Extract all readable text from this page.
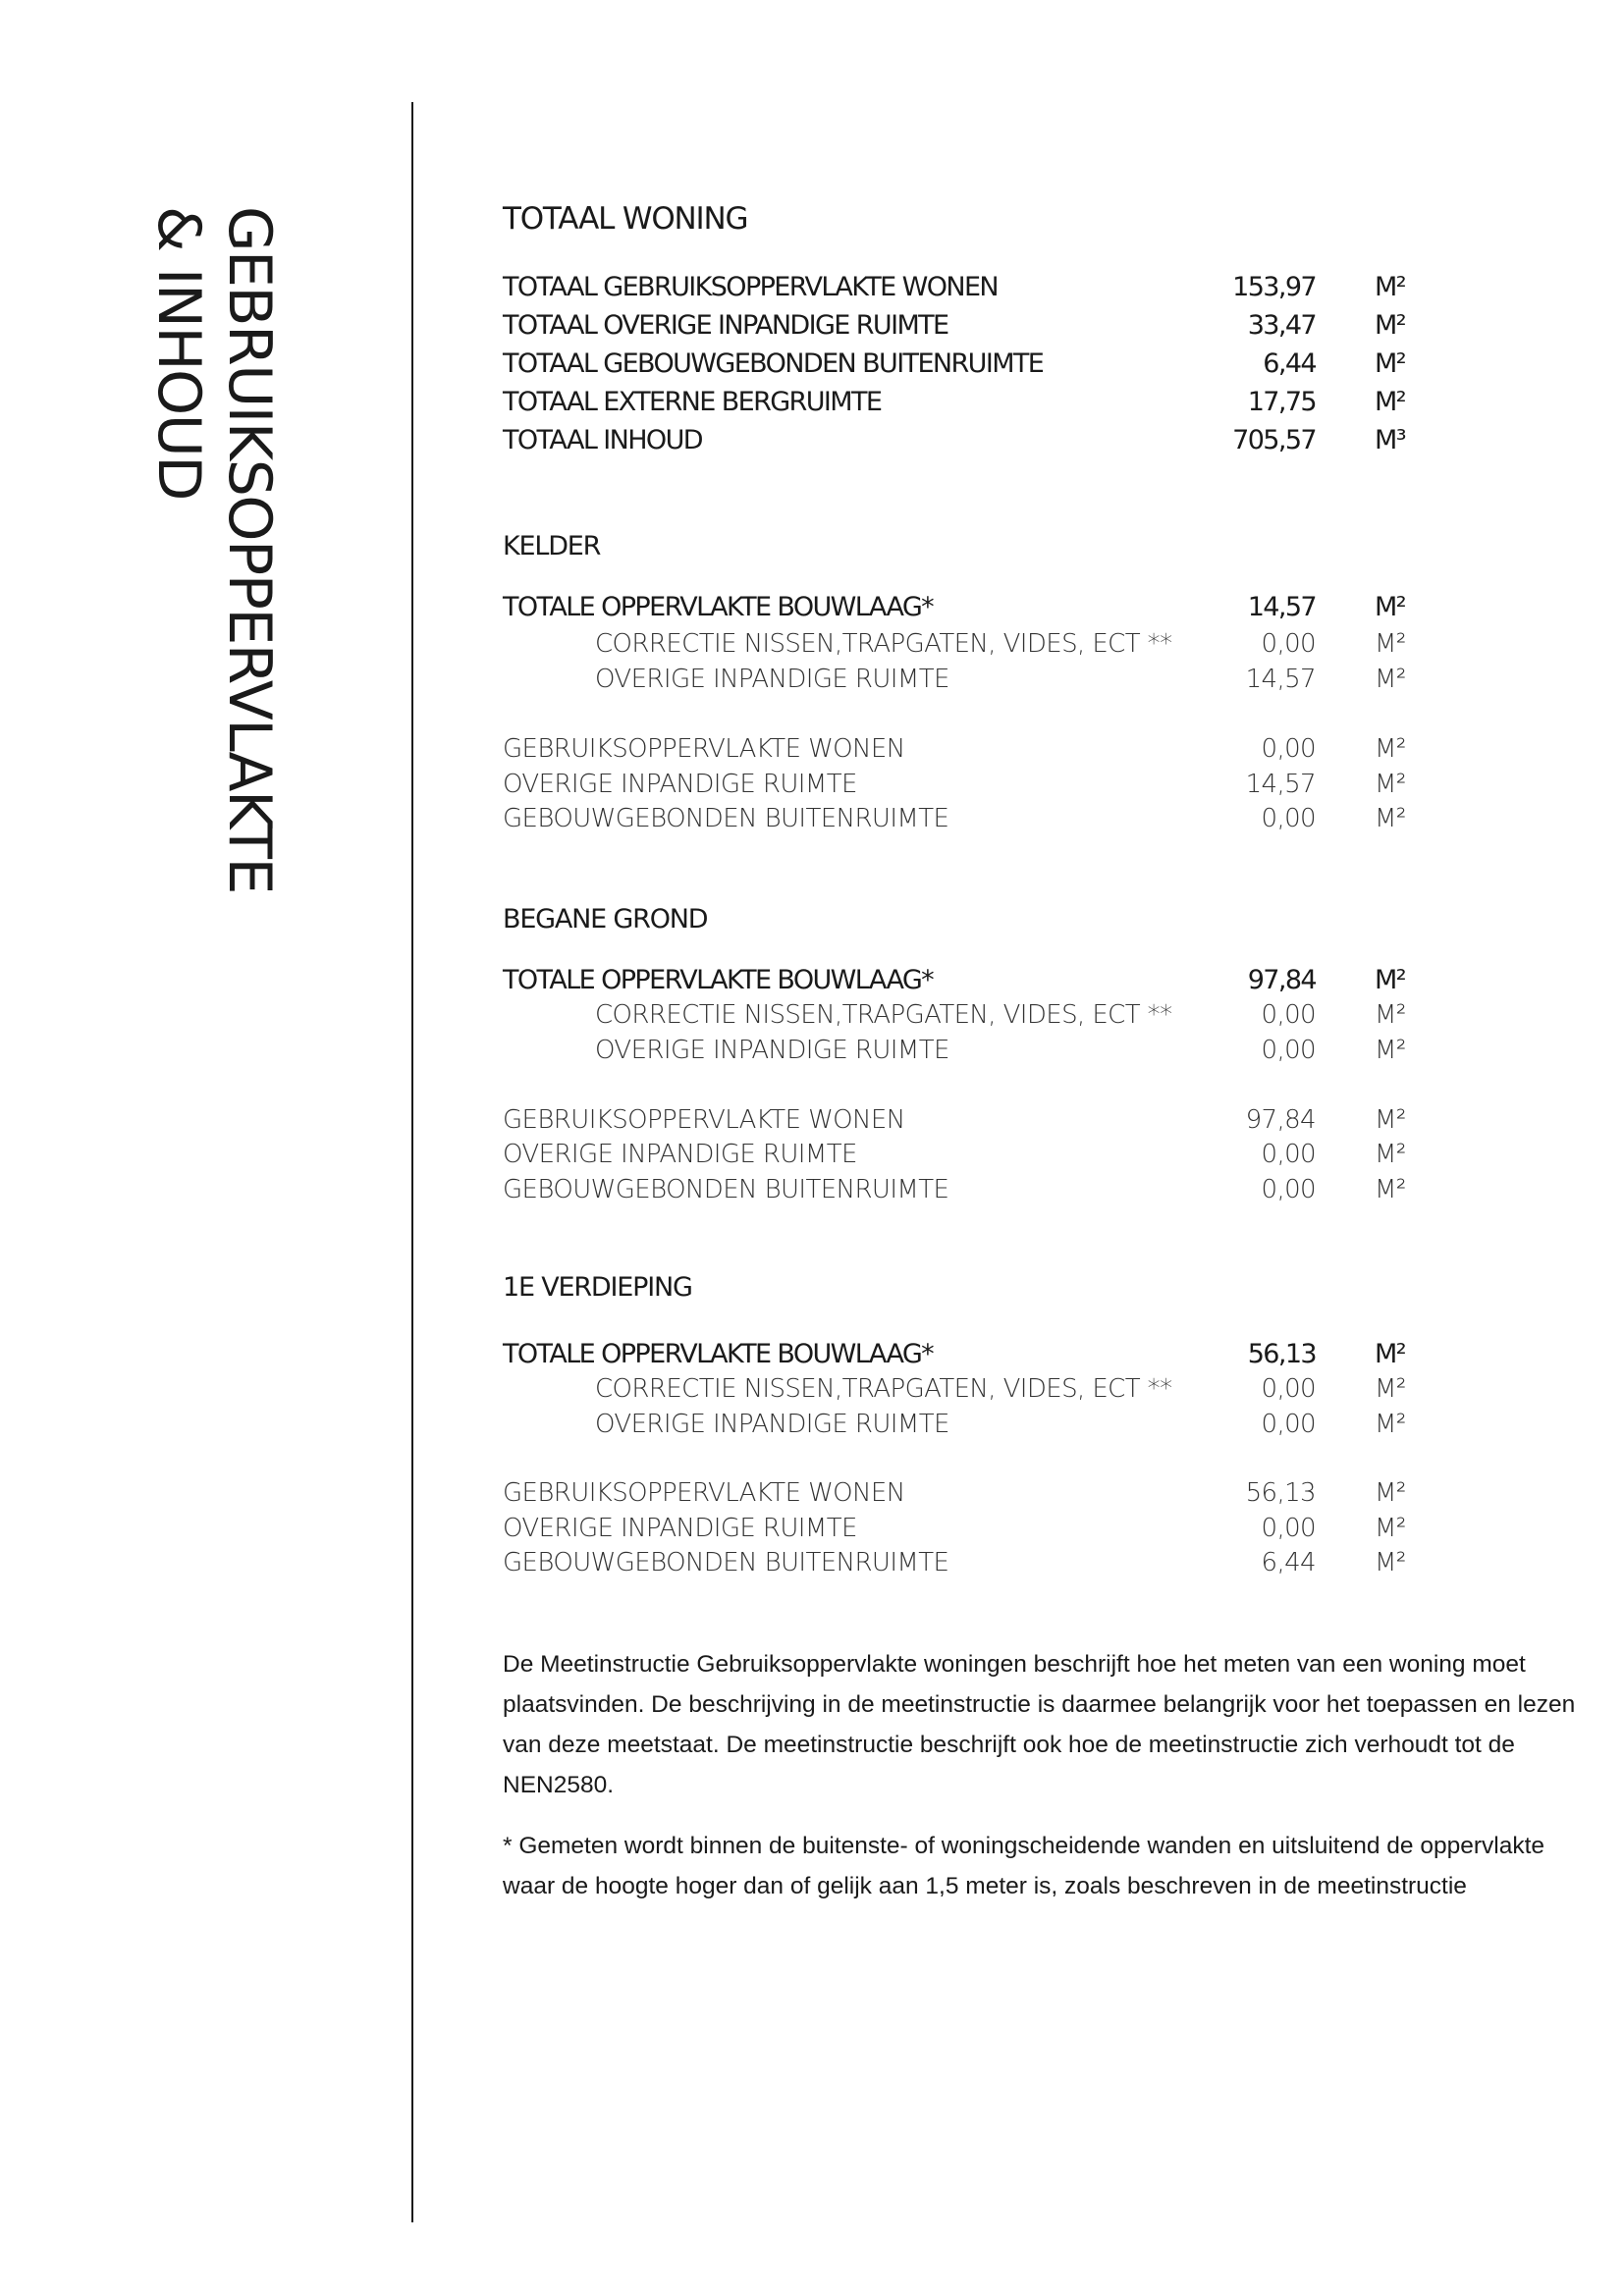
GEBRUIKSOPPERVLAKTE
& INHOUD	TOTAAL WONING
TOTAAL GEBRUIKSOPPERVLAKTE WONEN	153,97 M²
TOTAAL OVERIGE INPANDIGE RUIMTE	33,47 M²
TOTAAL GEBOUWGEBONDEN BUITENRUIMTE	6,44 M²
TOTAAL EXTERNE BERGRUIMTE	17,75 M²
TOTAAL INHOUD	705,57 M³
KELDER
TOTALE OPPERVLAKTE BOUWLAAG*	14,57 M²
CORRECTIE NISSEN,TRAPGATEN, VIDES, ECT **	0,00 M²
OVERIGE INPANDIGE RUIMTE	14,57 M²
GEBRUIKSOPPERVLAKTE WONEN	0,00 M²
OVERIGE INPANDIGE RUIMTE	14,57 M²
GEBOUWGEBONDEN BUITENRUIMTE	0,00 M²
BEGANE GROND
TOTALE OPPERVLAKTE BOUWLAAG*	97,84 M²
CORRECTIE NISSEN,TRAPGATEN, VIDES, ECT **	0,00 M²
OVERIGE INPANDIGE RUIMTE	0,00 M²
GEBRUIKSOPPERVLAKTE WONEN	97,84 M²
OVERIGE INPANDIGE RUIMTE	0,00 M²
GEBOUWGEBONDEN BUITENRUIMTE	0,00 M²
1E VERDIEPING
TOTALE OPPERVLAKTE BOUWLAAG*	56,13 M²
CORRECTIE NISSEN,TRAPGATEN, VIDES, ECT **	0,00 M²
OVERIGE INPANDIGE RUIMTE	0,00 M²
GEBRUIKSOPPERVLAKTE WONEN	56,13 M²
OVERIGE INPANDIGE RUIMTE	0,00 M²
GEBOUWGEBONDEN BUITENRUIMTE	6,44 M²

De Meetinstructie Gebruiksoppervlakte woningen beschrijft hoe het meten van een woning moet plaatsvinden. De beschrijving in de meetinstructie is daarmee belangrijk voor het toepassen en lezen van deze meetstaat. De meetinstructie beschrijft ook hoe de meetinstructie zich verhoudt tot de NEN2580.

* Gemeten wordt binnen de buitenste- of woningscheidende wanden en uitsluitend de oppervlakte waar de hoogte hoger dan of gelijk aan 1,5 meter is, zoals beschreven in de meetinstructie
